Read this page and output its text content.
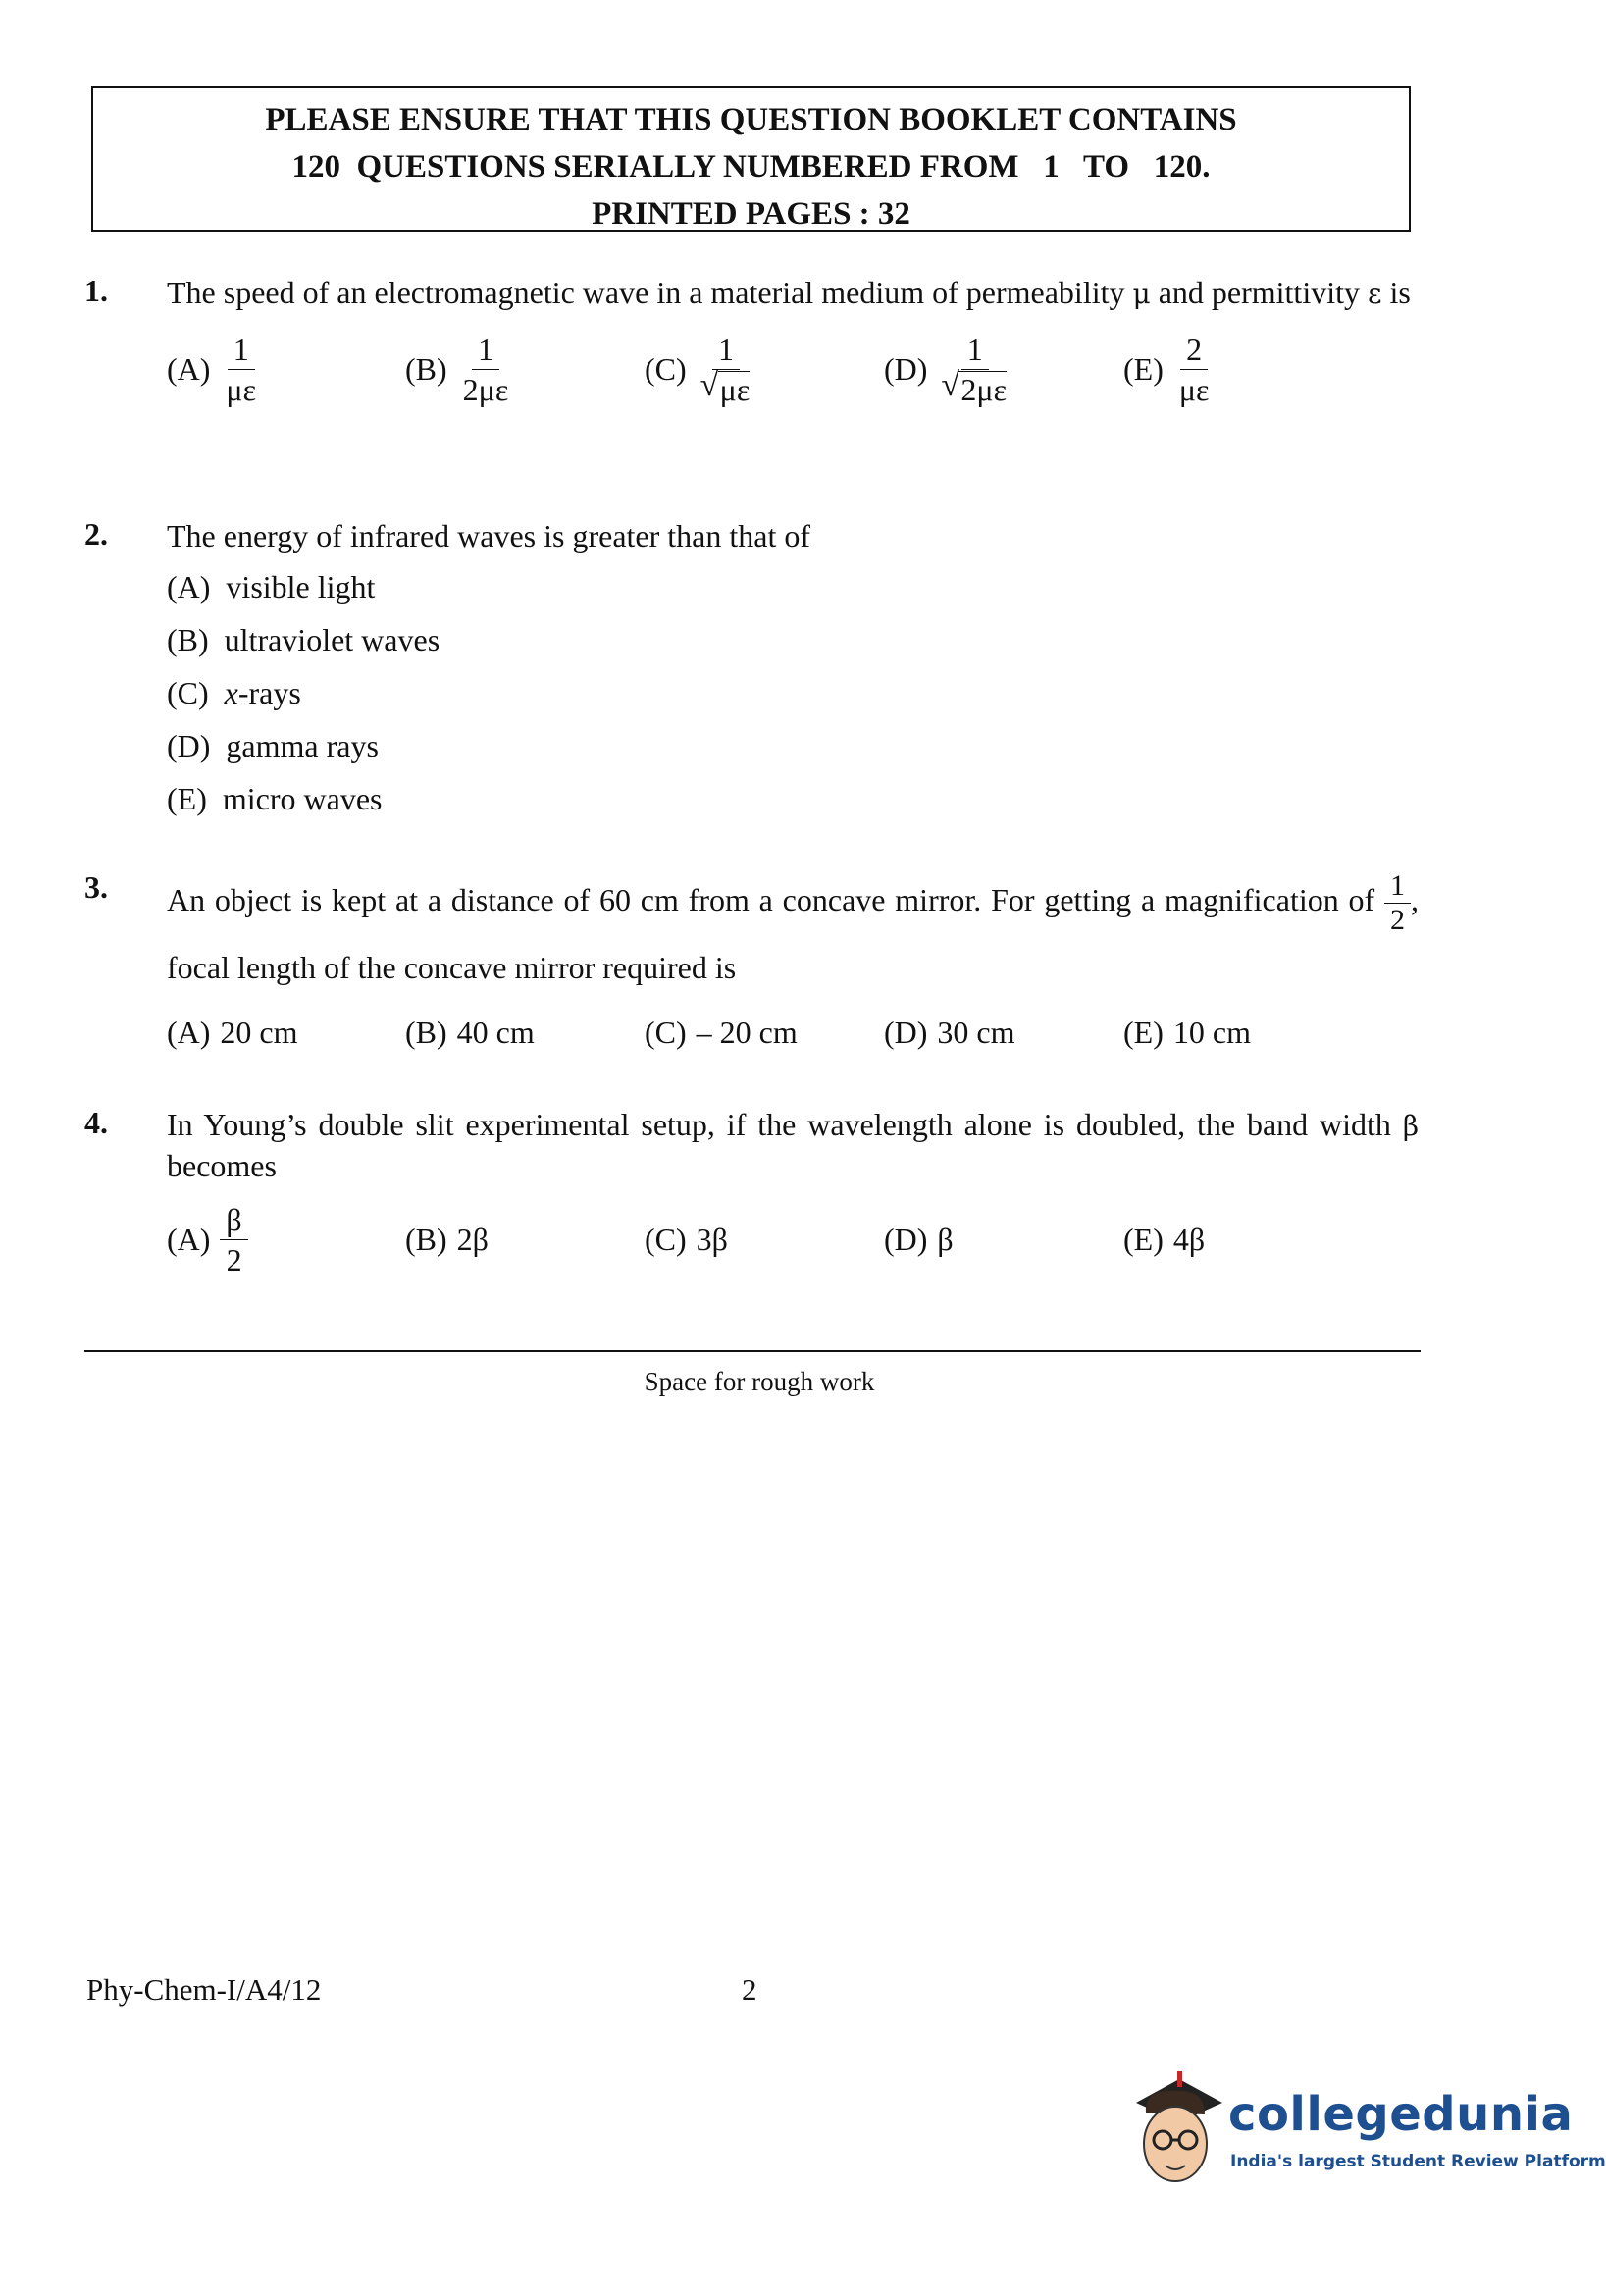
PLEASE ENSURE THAT THIS QUESTION BOOKLET CONTAINS
120  QUESTIONS SERIALLY NUMBERED FROM   1   TO   120.
PRINTED PAGES : 32
1. The speed of an electromagnetic wave in a material medium of permeability μ and permittivity ε is
$(A) \frac{1}{\mu\varepsilon}$	$(B) \frac{1}{2\mu\varepsilon}$	(C) 1
√ με	(D) 1
√ 2με	$(E) \frac{2}{\mu\varepsilon}$
2. The energy of infrared waves is greater than that of
(A) visible light
(B) ultraviolet waves
(C) x-rays
(D) gamma rays
(E) micro waves
3. An object is kept at a distance of 60 cm from a concave mirror. For getting a magnification of $\frac{1}{2}$ , focal length of the concave mirror required is
(A) 20 cm	(B) 40 cm	(C) – 20 cm	(D) 30 cm	(E) 10 cm
4. In Young’s double slit experimental setup, if the wavelength alone is doubled, the band width β becomes
$(A) \frac{\beta}{2}$	(B) 2β	(C) 3β	(D) β	(E) 4β
Space for rough work
Phy-Chem-I/A4/12	2
collegedunia
India's largest Student Review Platform
